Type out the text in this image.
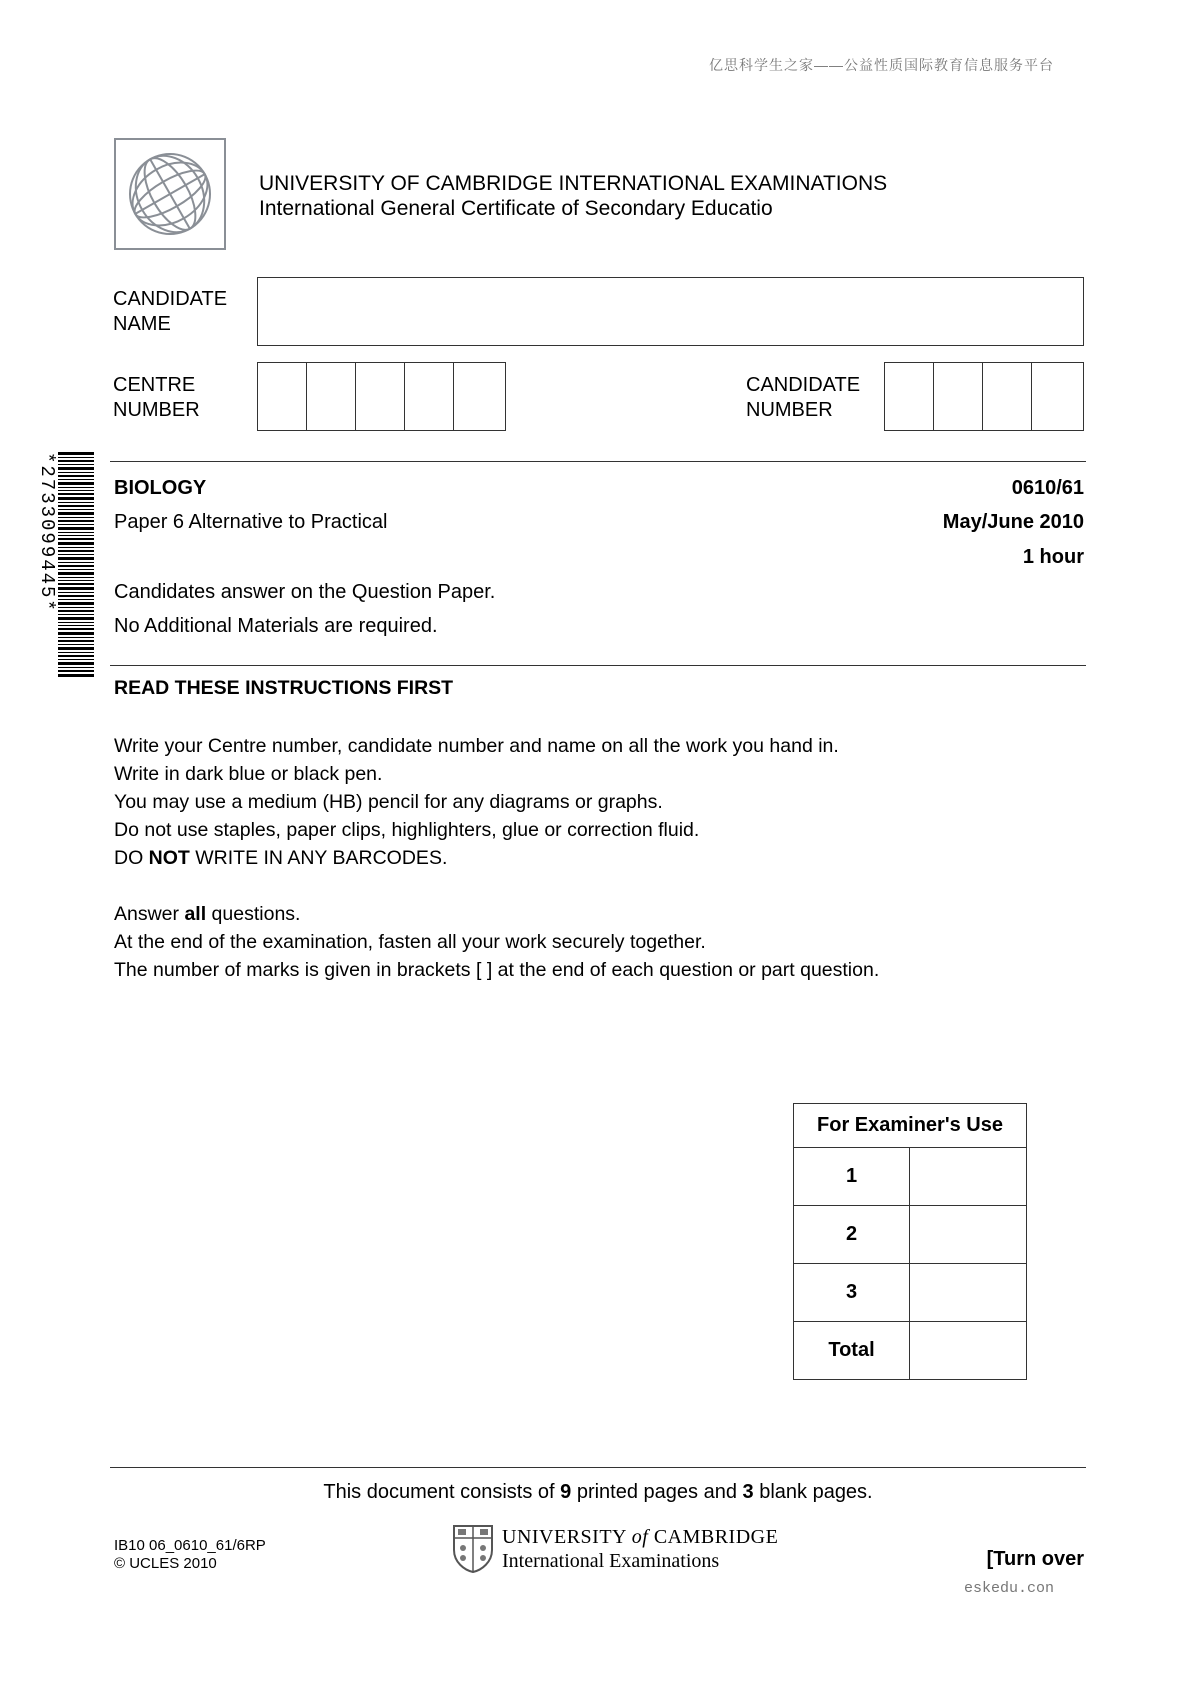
亿思科学生之家——公益性质国际教育信息服务平台
UNIVERSITY OF CAMBRIDGE INTERNATIONAL EXAMINATIONS
International General Certificate of Secondary Educatio
CANDIDATE
NAME
CENTRE
NUMBER
CANDIDATE
NUMBER
*2733099445*	BIOLOGY	0610/61
Paper 6 Alternative to Practical	May/June 2010
1 hour
Candidates answer on the Question Paper.
No Additional Materials are required.
READ THESE INSTRUCTIONS FIRST
Write your Centre number, candidate number and name on all the work you hand in.
Write in dark blue or black pen.
You may use a medium (HB) pencil for any diagrams or graphs.
Do not use staples, paper clips, highlighters, glue or correction fluid.
DO NOT WRITE IN ANY BARCODES.
Answer all questions.
At the end of the examination, fasten all your work securely together.
The number of marks is given in brackets [ ] at the end of each question or part question.
For Examiner's Use	
1	
2	
3	
Total	
This document consists of 9 printed pages and 3 blank pages.
IB10 06_0610_61/6RP
© UCLES 2010
UNIVERSITY of CAMBRIDGE
International Examinations	[Turn over
eskedu.con
